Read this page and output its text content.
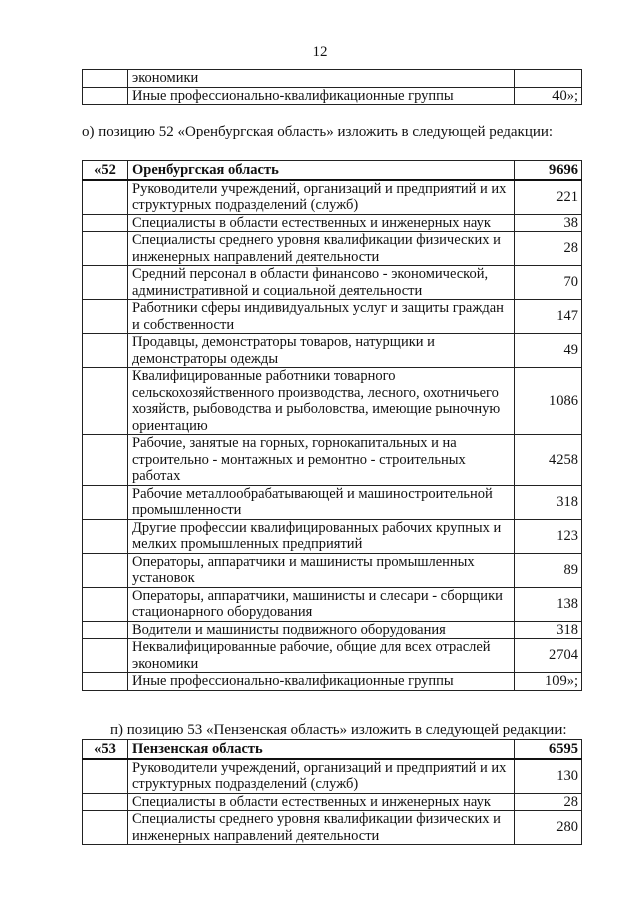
12
	экономики	
	Иные профессионально-квалификационные группы	40»;
о) позицию 52 «Оренбургская область» изложить в следующей редакции:
«52	Оренбургская область	9696
	Руководители учреждений, организаций и предприятий и их структурных подразделений (служб)	221
	Специалисты в области естественных и инженерных наук	38
	Специалисты среднего уровня квалификации физических и инженерных направлений деятельности	28
	Средний персонал в области финансово - экономической, административной и социальной деятельности	70
	Работники сферы индивидуальных услуг и защиты граждан и собственности	147
	Продавцы, демонстраторы товаров, натурщики и демонстраторы одежды	49
	Квалифицированные работники товарного сельскохозяйственного производства, лесного, охотничьего хозяйств, рыбоводства и рыболовства, имеющие рыночную ориентацию	1086
	Рабочие, занятые на горных, горнокапитальных и на строительно - монтажных и ремонтно - строительных работах	4258
	Рабочие металлообрабатывающей и машиностроительной промышленности	318
	Другие профессии квалифицированных рабочих крупных и мелких промышленных предприятий	123
	Операторы, аппаратчики и машинисты промышленных установок	89
	Операторы, аппаратчики, машинисты и слесари - сборщики стационарного оборудования	138
	Водители и машинисты подвижного оборудования	318
	Неквалифицированные рабочие, общие для всех отраслей экономики	2704
	Иные профессионально-квалификационные группы	109»;
п) позицию 53 «Пензенская область» изложить в следующей редакции:
«53	Пензенская область	6595
	Руководители учреждений, организаций и предприятий и их структурных подразделений (служб)	130
	Специалисты в области естественных и инженерных наук	28
	Специалисты среднего уровня квалификации физических и инженерных направлений деятельности	280
